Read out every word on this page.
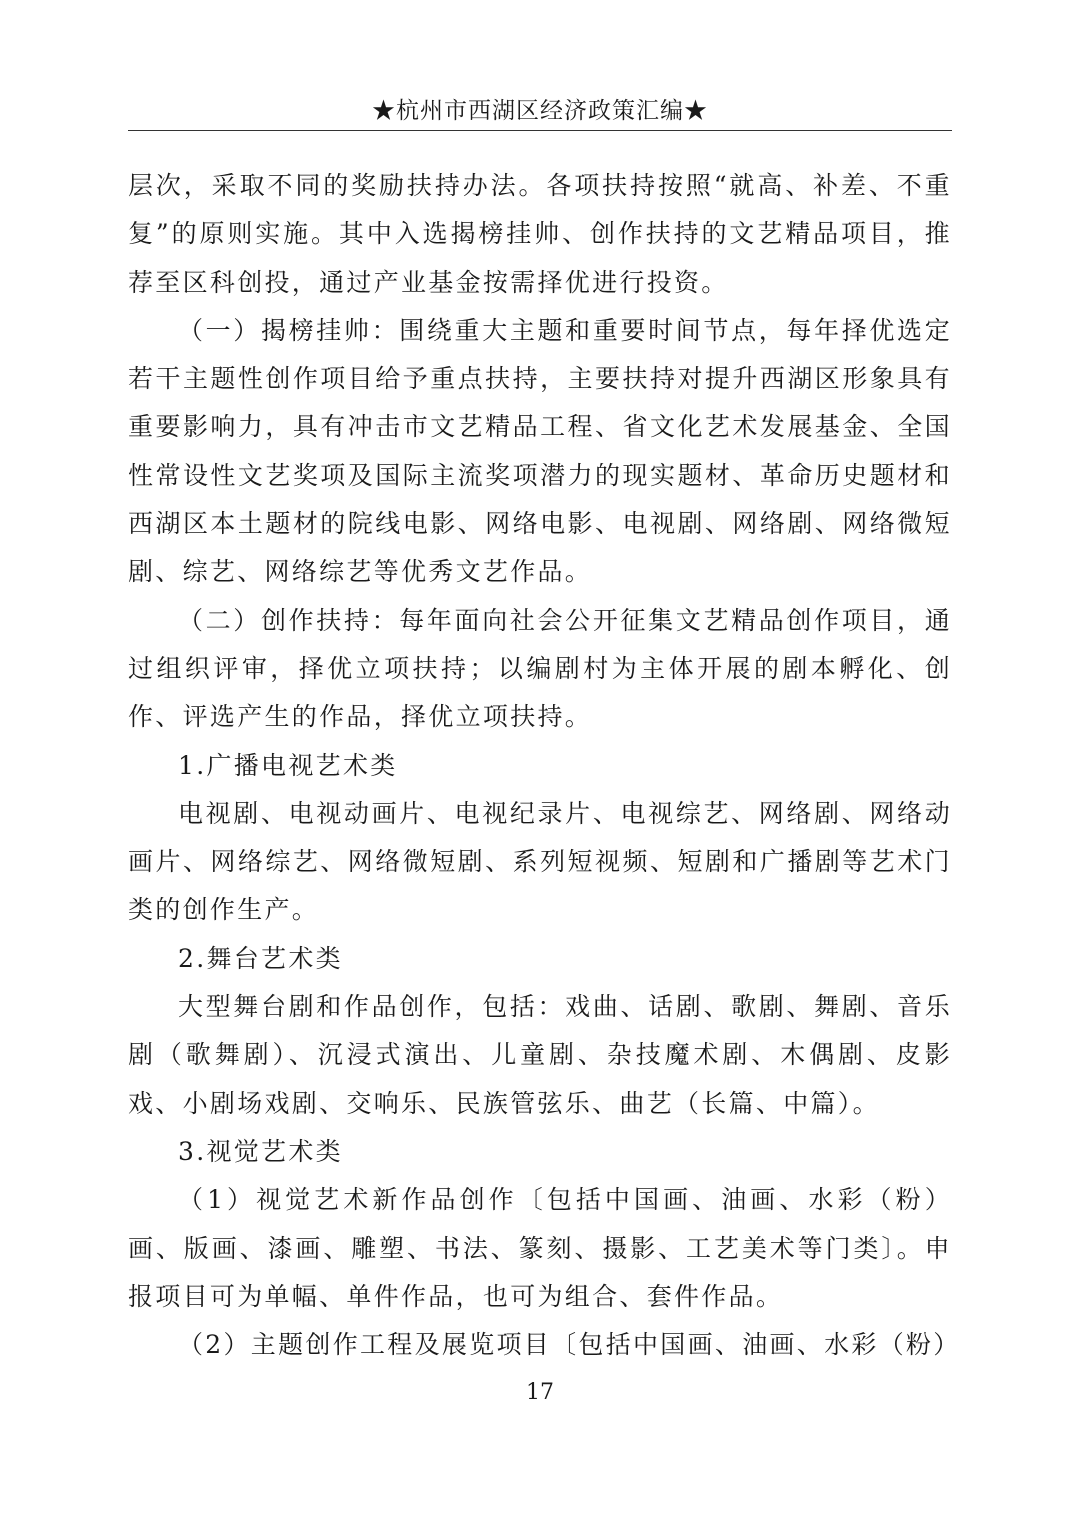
★杭州市西湖区经济政策汇编★

层次，采取不同的奖励扶持办法。各项扶持按照“就高、补差、不重复”的原则实施。其中入选揭榜挂帅、创作扶持的文艺精品项目，推荐至区科创投，通过产业基金按需择优进行投资。

（一）揭榜挂帅：围绕重大主题和重要时间节点，每年择优选定若干主题性创作项目给予重点扶持，主要扶持对提升西湖区形象具有重要影响力，具有冲击市文艺精品工程、省文化艺术发展基金、全国性常设性文艺奖项及国际主流奖项潜力的现实题材、革命历史题材和西湖区本土题材的院线电影、网络电影、电视剧、网络剧、网络微短剧、综艺、网络综艺等优秀文艺作品。

（二）创作扶持：每年面向社会公开征集文艺精品创作项目，通过组织评审，择优立项扶持；以编剧村为主体开展的剧本孵化、创作、评选产生的作品，择优立项扶持。

1.广播电视艺术类

电视剧、电视动画片、电视纪录片、电视综艺、网络剧、网络动画片、网络综艺、网络微短剧、系列短视频、短剧和广播剧等艺术门类的创作生产。

2.舞台艺术类

大型舞台剧和作品创作，包括：戏曲、话剧、歌剧、舞剧、音乐剧（歌舞剧）、沉浸式演出、儿童剧、杂技魔术剧、木偶剧、皮影戏、小剧场戏剧、交响乐、民族管弦乐、曲艺（长篇、中篇）。

3.视觉艺术类

（1）视觉艺术新作品创作〔包括中国画、油画、水彩（粉）画、版画、漆画、雕塑、书法、篆刻、摄影、工艺美术等门类〕。申报项目可为单幅、单件作品，也可为组合、套件作品。

（2）主题创作工程及展览项目〔包括中国画、油画、水彩（粉）

17
